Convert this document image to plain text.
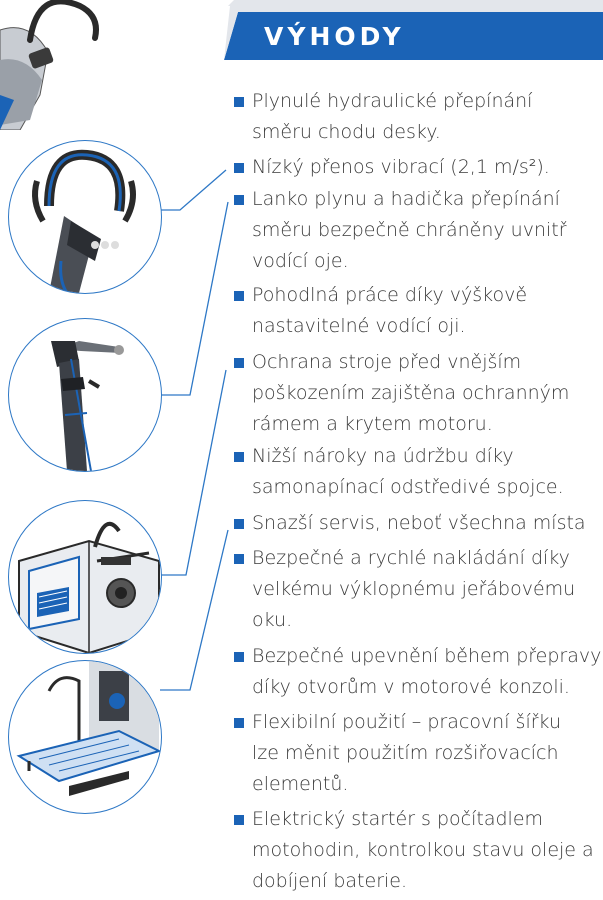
VÝHODY
Plynulé hydraulické přepínání
směru chodu desky.
Nízký přenos vibrací (2,1 m/s²).
Lanko plynu a hadička přepínání
směru bezpečně chráněny uvnitř
vodící oje.
Pohodlná práce díky výškově
nastavitelné vodící oji.
Ochrana stroje před vnějším
poškozením zajištěna ochranným
rámem a krytem motoru.
Nižší nároky na údržbu díky
samonapínací odstředivé spojce.
Snazší servis, neboť všechna místa
Bezpečné a rychlé nakládání díky
velkému výklopnému jeřábovému
oku.
Bezpečné upevnění během přepravy
díky otvorům v motorové konzoli.
Flexibilní použití – pracovní šířku
lze měnit použitím rozšiřovacích
elementů.
Elektrický startér s počítadlem
motohodin, kontrolkou stavu oleje a
dobíjení baterie.
